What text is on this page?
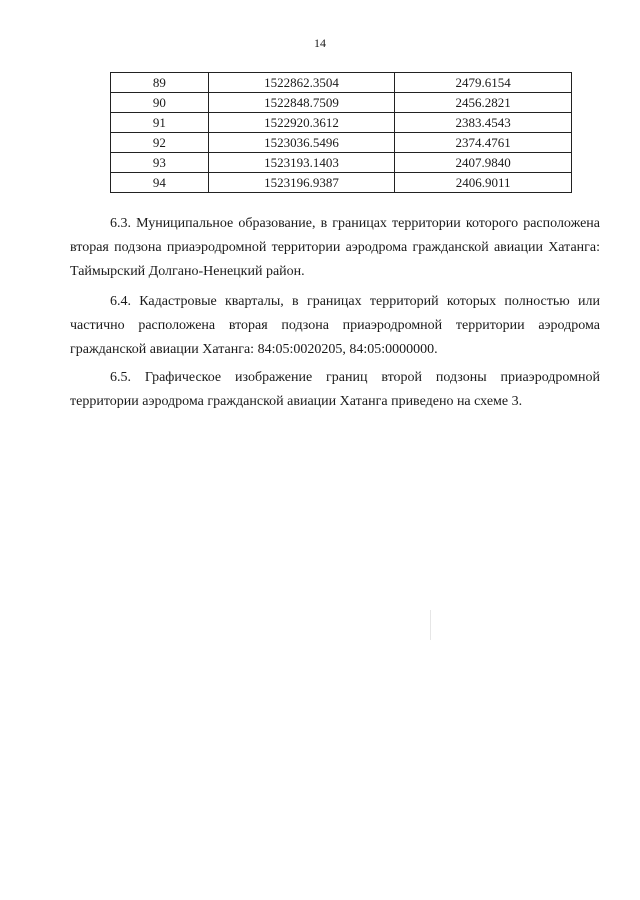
14
89	1522862.3504	2479.6154
90	1522848.7509	2456.2821
91	1522920.3612	2383.4543
92	1523036.5496	2374.4761
93	1523193.1403	2407.9840
94	1523196.9387	2406.9011

6.3. Муниципальное образование, в границах территории которого расположена вторая подзона приаэродромной территории аэродрома гражданской авиации Хатанга: Таймырский Долгано-Ненецкий район.

6.4. Кадастровые кварталы, в границах территорий которых полностью или частично расположена вторая подзона приаэродромной территории аэродрома гражданской авиации Хатанга: 84:05:0020205, 84:05:0000000.

6.5. Графическое изображение границ второй подзоны приаэродромной территории аэродрома гражданской авиации Хатанга приведено на схеме 3.
